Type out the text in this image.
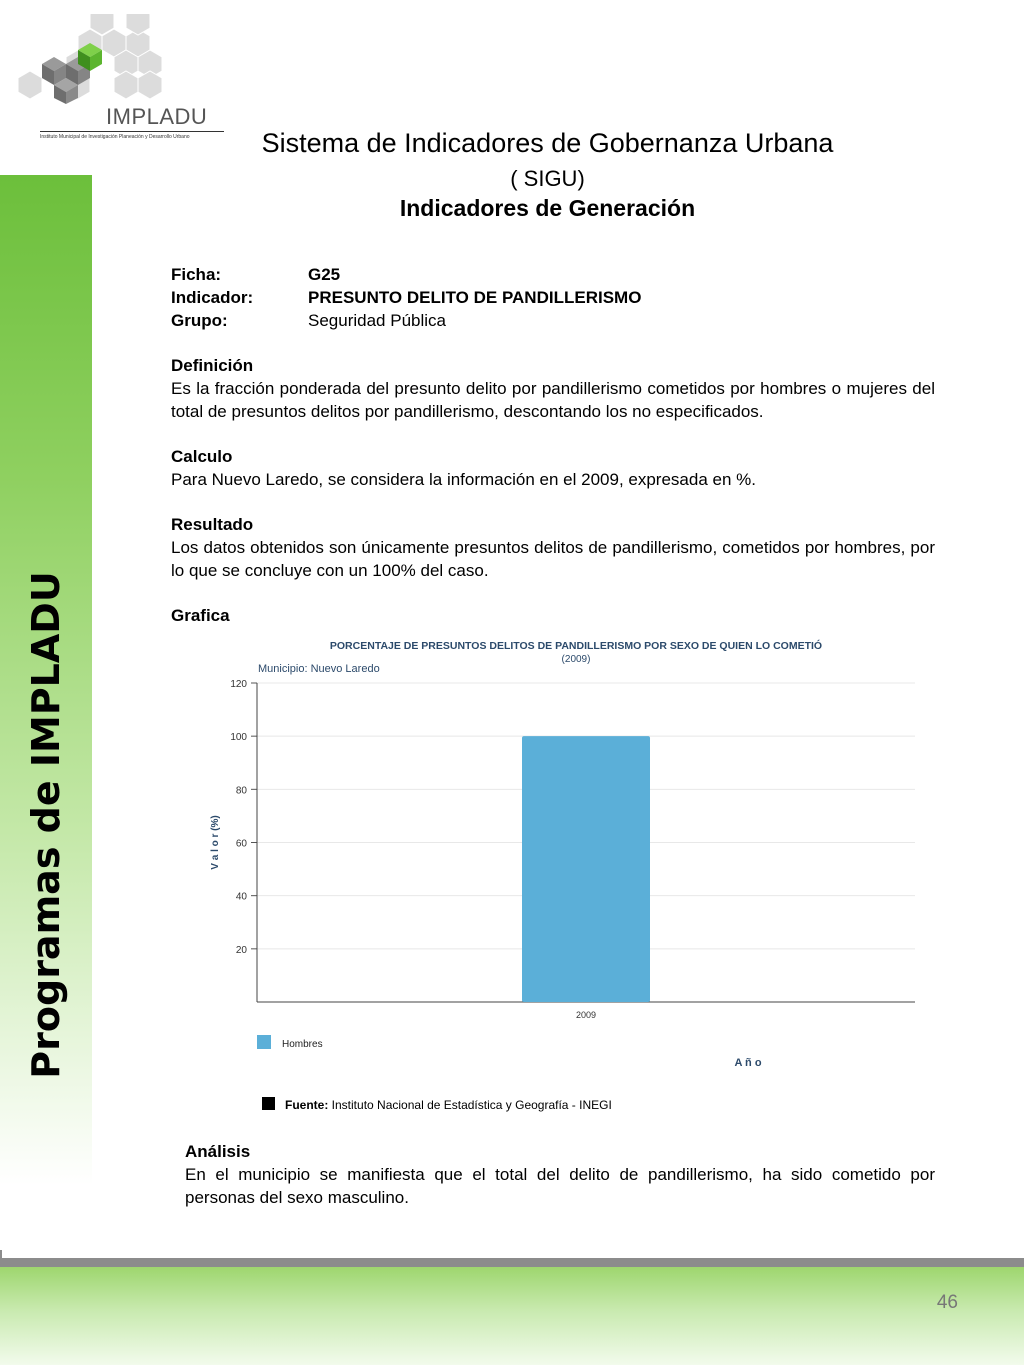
IMPLADU
Instituto Municipal de Investigación Planeación y Desarrollo Urbano
Programas de IMPLADU
Sistema de Indicadores de Gobernanza Urbana
( SIGU)
Indicadores de Generación
Ficha:	G25
Indicador:	PRESUNTO DELITO DE PANDILLERISMO
Grupo:	Seguridad Pública
Definición
Es la fracción ponderada del presunto delito por pandillerismo cometidos por hombres o mujeres del total de presuntos delitos por pandillerismo, descontando los no especificados.
Calculo
Para Nuevo Laredo, se considera la información en el 2009, expresada en %.
Resultado
Los datos obtenidos son únicamente presuntos delitos de pandillerismo, cometidos por hombres, por lo que se concluye con un 100% del caso.
Grafica
PORCENTAJE DE PRESUNTOS DELITOS DE PANDILLERISMO POR SEXO DE QUIEN LO COMETIÓ
(2009)
Municipio: Nuevo Laredo
20
40
60
80
100
120
2009
V a l o r (%)
A ñ o
Hombres
Fuente: Instituto Nacional de Estadística y Geografía - INEGI
Análisis
En el municipio se manifiesta que el total del delito de pandillerismo, ha sido cometido por personas del sexo masculino.
46
